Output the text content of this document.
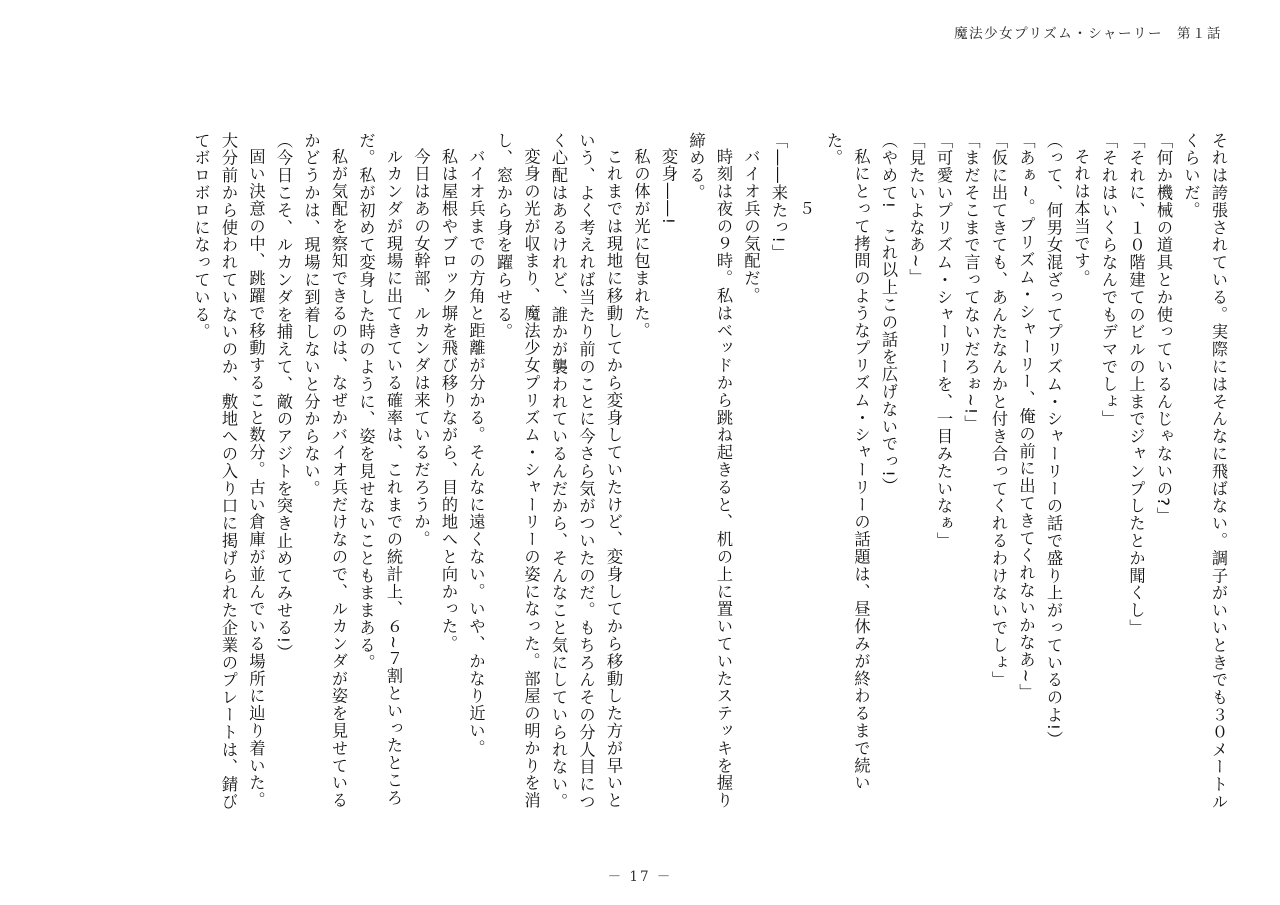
魔法少女プリズム・シャーリー 第１話

それは誇張されている。実際にはそんなに飛ばない。調子がいいときでも３０メートルくらいだ。

「何か機械の道具とか使っているんじゃないの?」

「それに、１０階建てのビルの上までジャンプしたとか聞くし」

「それはいくらなんでもデマでしょ」

それは本当です。

（って、何男女混ざってプリズム・シャーリーの話で盛り上がっているのよ!）

「あぁ~。プリズム・シャーリー、俺の前に出てきてくれないかなあ~」

「仮に出てきても、あんたなんかと付き合ってくれるわけないでしょ」

「まだそこまで言ってないだろぉ~!」

「可愛いプリズム・シャーリーを、一目みたいなぁ」

「見たいよなあ~」

（やめて!　これ以上この話を広げないでっ!）

私にとって拷問のようなプリズム・シャーリーの話題は、昼休みが終わるまで続いた。

５

「――来たっ!」

バイオ兵の気配だ。

時刻は夜の９時。私はベッドから跳ね起きると、机の上に置いていたステッキを握り締める。

変身――!

私の体が光に包まれた。

これまでは現地に移動してから変身していたけど、変身してから移動した方が早いという、よく考えれば当たり前のことに今さら気がついたのだ。もちろんその分人目につく心配はあるけれど、誰かが襲われているんだから、そんなこと気にしていられない。

変身の光が収まり、魔法少女プリズム・シャーリーの姿になった。部屋の明かりを消し、窓から身を躍らせる。

バイオ兵までの方角と距離が分かる。そんなに遠くない。いや、かなり近い。

私は屋根やブロック塀を飛び移りながら、目的地へと向かった。

今日はあの女幹部、ルカンダは来ているだろうか。

ルカンダが現場に出てきている確率は、これまでの統計上、６~７割といったところだ。私が初めて変身した時のように、姿を見せないこともままある。

私が気配を察知できるのは、なぜかバイオ兵だけなので、ルカンダが姿を見せているかどうかは、現場に到着しないと分からない。

（今日こそ、ルカンダを捕えて、敵のアジトを突き止めてみせる!）

固い決意の中、跳躍で移動すること数分。古い倉庫が並んでいる場所に辿り着いた。大分前から使われていないのか、敷地への入り口に掲げられた企業のプレートは、錆びてボロボロになっている。

－ 17 －
